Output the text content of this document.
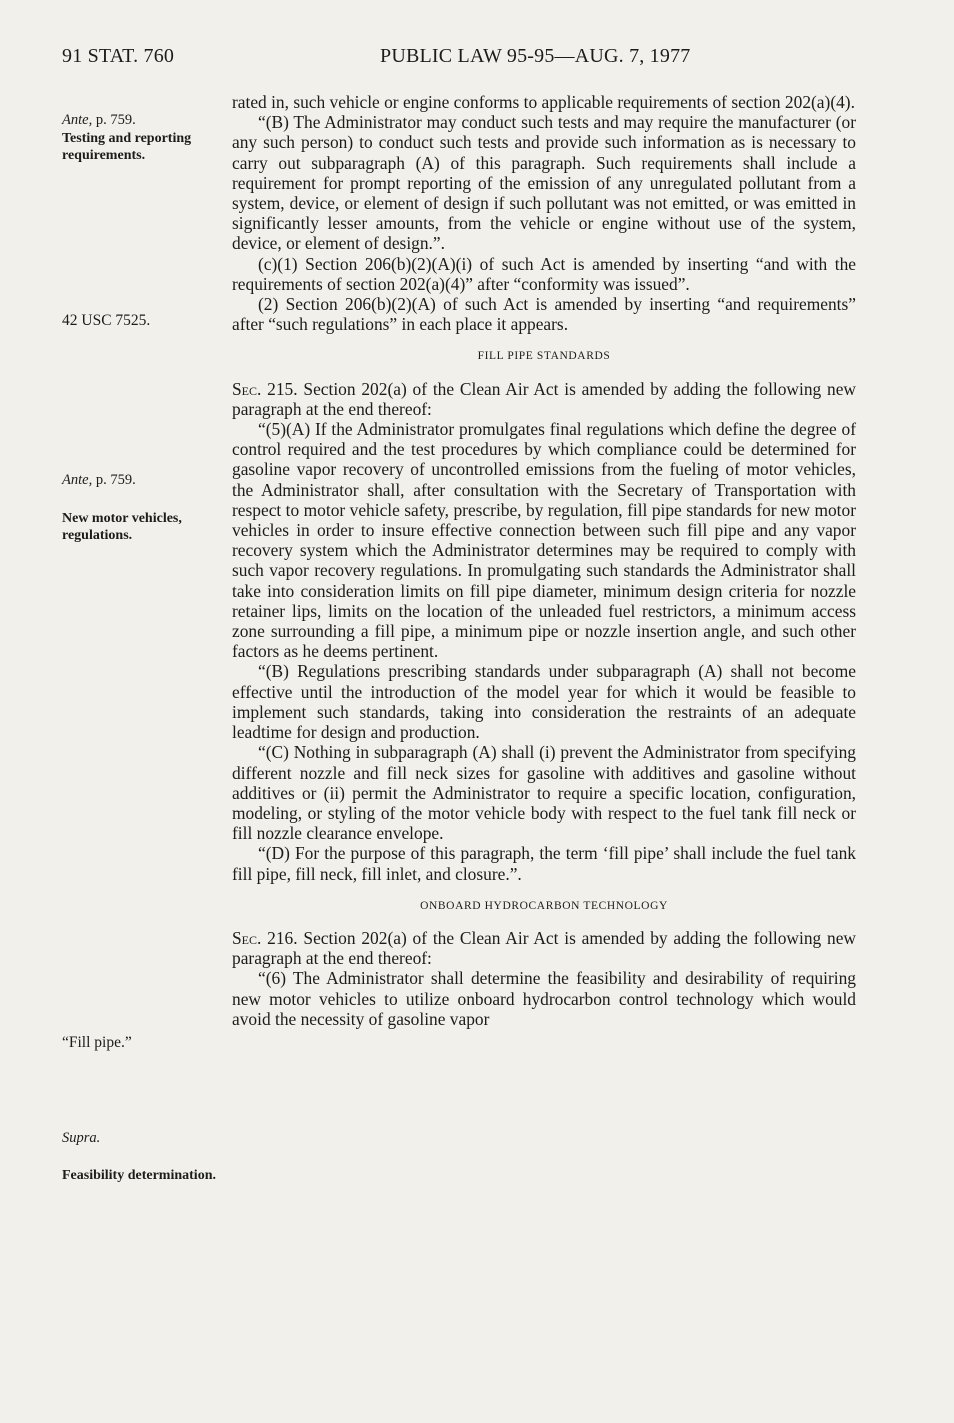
91 STAT. 760	PUBLIC LAW 95-95—AUG. 7, 1977
Ante, p. 759.
Testing and reporting requirements.
42 USC 7525.
Ante, p. 759.
New motor vehicles, regulations.
“Fill pipe.”
Supra.
Feasibility determination.

rated in, such vehicle or engine conforms to applicable requirements of section 202(a)(4).

“(B) The Administrator may conduct such tests and may require the manufacturer (or any such person) to conduct such tests and provide such information as is necessary to carry out subparagraph (A) of this paragraph. Such requirements shall include a requirement for prompt reporting of the emission of any unregulated pollutant from a system, device, or element of design if such pollutant was not emitted, or was emitted in significantly lesser amounts, from the vehicle or engine without use of the system, device, or element of design.”.

(c)(1) Section 206(b)(2)(A)(i) of such Act is amended by inserting “and with the requirements of section 202(a)(4)” after “conformity was issued”.

(2) Section 206(b)(2)(A) of such Act is amended by inserting “and requirements” after “such regulations” in each place it appears.

FILL PIPE STANDARDS

Sec. 215. Section 202(a) of the Clean Air Act is amended by adding the following new paragraph at the end thereof:

“(5)(A) If the Administrator promulgates final regulations which define the degree of control required and the test procedures by which compliance could be determined for gasoline vapor recovery of uncontrolled emissions from the fueling of motor vehicles, the Administrator shall, after consultation with the Secretary of Transportation with respect to motor vehicle safety, prescribe, by regulation, fill pipe standards for new motor vehicles in order to insure effective connection between such fill pipe and any vapor recovery system which the Administrator determines may be required to comply with such vapor recovery regulations. In promulgating such standards the Administrator shall take into consideration limits on fill pipe diameter, minimum design criteria for nozzle retainer lips, limits on the location of the unleaded fuel restrictors, a minimum access zone surrounding a fill pipe, a minimum pipe or nozzle insertion angle, and such other factors as he deems pertinent.

“(B) Regulations prescribing standards under subparagraph (A) shall not become effective until the introduction of the model year for which it would be feasible to implement such standards, taking into consideration the restraints of an adequate leadtime for design and production.

“(C) Nothing in subparagraph (A) shall (i) prevent the Administrator from specifying different nozzle and fill neck sizes for gasoline with additives and gasoline without additives or (ii) permit the Administrator to require a specific location, configuration, modeling, or styling of the motor vehicle body with respect to the fuel tank fill neck or fill nozzle clearance envelope.

“(D) For the purpose of this paragraph, the term ‘fill pipe’ shall include the fuel tank fill pipe, fill neck, fill inlet, and closure.”.

ONBOARD HYDROCARBON TECHNOLOGY

Sec. 216. Section 202(a) of the Clean Air Act is amended by adding the following new paragraph at the end thereof:

“(6) The Administrator shall determine the feasibility and desirability of requiring new motor vehicles to utilize onboard hydrocarbon control technology which would avoid the necessity of gasoline vapor
